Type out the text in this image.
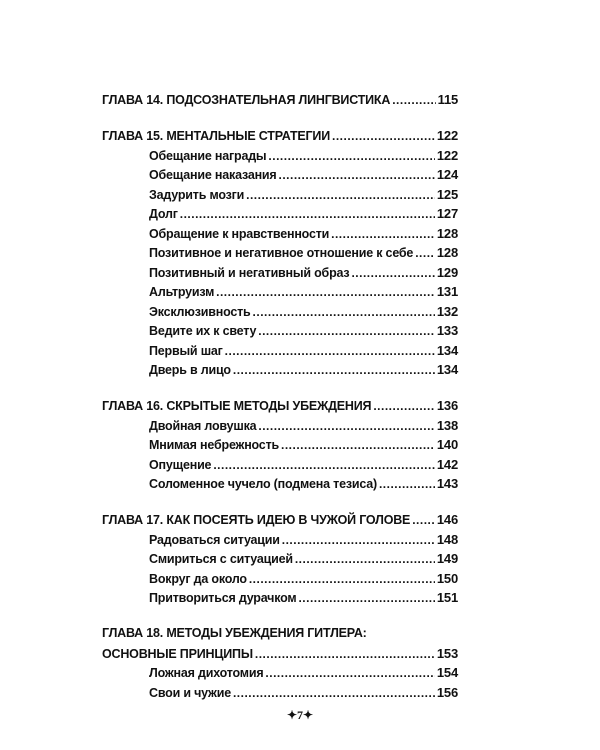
ГЛАВА 14. ПОДСОЗНАТЕЛЬНАЯ ЛИНГВИСТИКА .....	115
ГЛАВА 15. МЕНТАЛЬНЫЕ СТРАТЕГИИ .....	122
Обещание награды .....	122
Обещание наказания .....	124
Задурить мозги .....	125
Долг .....	127
Обращение к нравственности .....	128
Позитивное и негативное отношение к себе ..... 128
Позитивный и негативный образ .....	129
Альтруизм .....	131
Эксклюзивность .....	132
Ведите их к свету .....	133
Первый шаг .....	134
Дверь в лицо .....	134
ГЛАВА 16. СКРЫТЫЕ МЕТОДЫ УБЕЖДЕНИЯ .....	136
Двойная ловушка .....	138
Мнимая небрежность .....	140
Опущение .....	142
Соломенное чучело (подмена тезиса) .....	143
ГЛАВА 17. КАК ПОСЕЯТЬ ИДЕЮ В ЧУЖОЙ ГОЛОВЕ ..... 146
Радоваться ситуации .....	148
Смириться с ситуацией .....	149
Вокруг да около .....	150
Притвориться дурачком .....	151
ГЛАВА 18. МЕТОДЫ УБЕЖДЕНИЯ ГИТЛЕРА:
ОСНОВНЫЕ ПРИНЦИПЫ .....	153
Ложная дихотомия .....	154
Свои и чужие .....	156
✦7✦
